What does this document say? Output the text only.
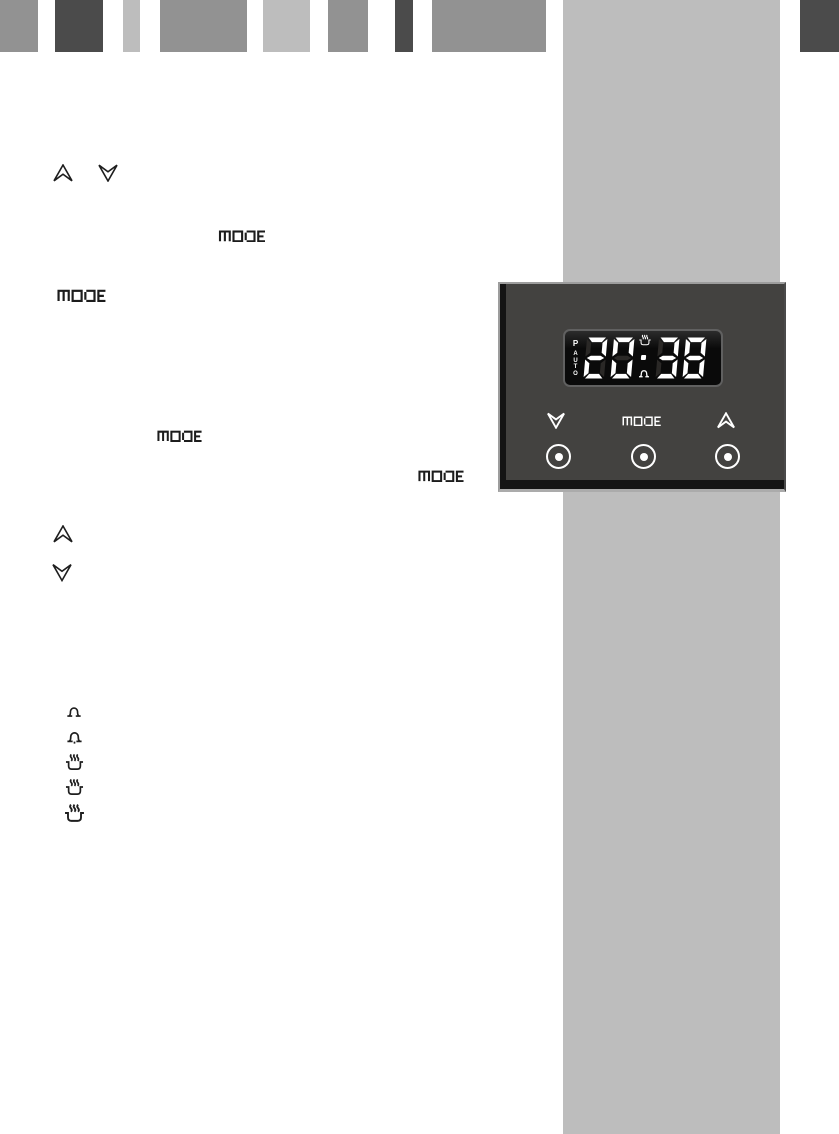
P
AUTO
